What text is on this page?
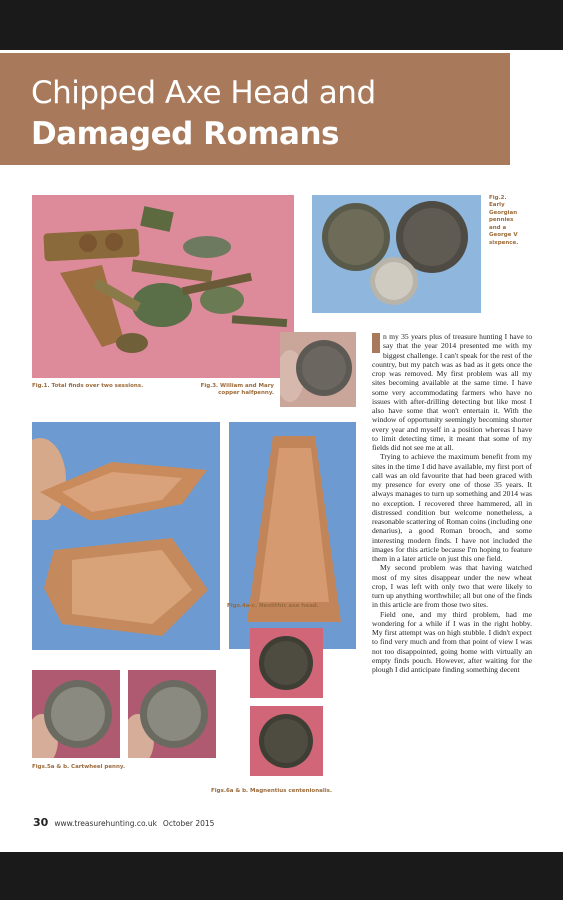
Chipped Axe Head and
Damaged Romans
Fig.1. Total finds over two sessions.
Fig.2.
Early
Georgian
pennies
and a
George V
sixpence.
Fig.3. William and Mary
copper halfpenny.
Figs.4a-c. Neolithic axe head.
Figs.5a & b. Cartwheel penny.
Figs.6a & b. Magnentius centenionalis.

n my 35 years plus of treasure hunting I have to say that the year 2014 presented me with my biggest challenge. I can't speak for the rest of the country, but my patch was as bad as it gets once the crop was removed. My first problem was all my sites becoming available at the same time. I have some very accommodating farmers who have no issues with after-drilling detecting but like most I also have some that won't entertain it. With the window of opportunity seemingly becoming shorter every year and myself in a position whereas I have to limit detecting time, it meant that some of my fields did not see me at all.

Trying to achieve the maximum benefit from my sites in the time I did have available, my first port of call was an old favourite that had been graced with my presence for every one of those 35 years. It always manages to turn up something and 2014 was no exception. I recovered three hammered, all in distressed condition but welcome nonetheless, a reasonable scattering of Roman coins (including one denarius), a good Roman brooch, and some interesting modern finds. I have not included the images for this article because I'm hoping to feature them in a later article on just this one field.

My second problem was that having watched most of my sites disappear under the new wheat crop, I was left with only two that were likely to turn up anything worthwhile; all but one of the finds in this article are from those two sites.

Field one, and my third problem, had me wondering for a while if I was in the right hobby. My first attempt was on high stubble. I didn't expect to find very much and from that point of view I was not too disappointed, going home with virtually an empty finds pouch. However, after waiting for the plough I did anticipate finding something decent

30 www.treasurehunting.co.uk October 2015
